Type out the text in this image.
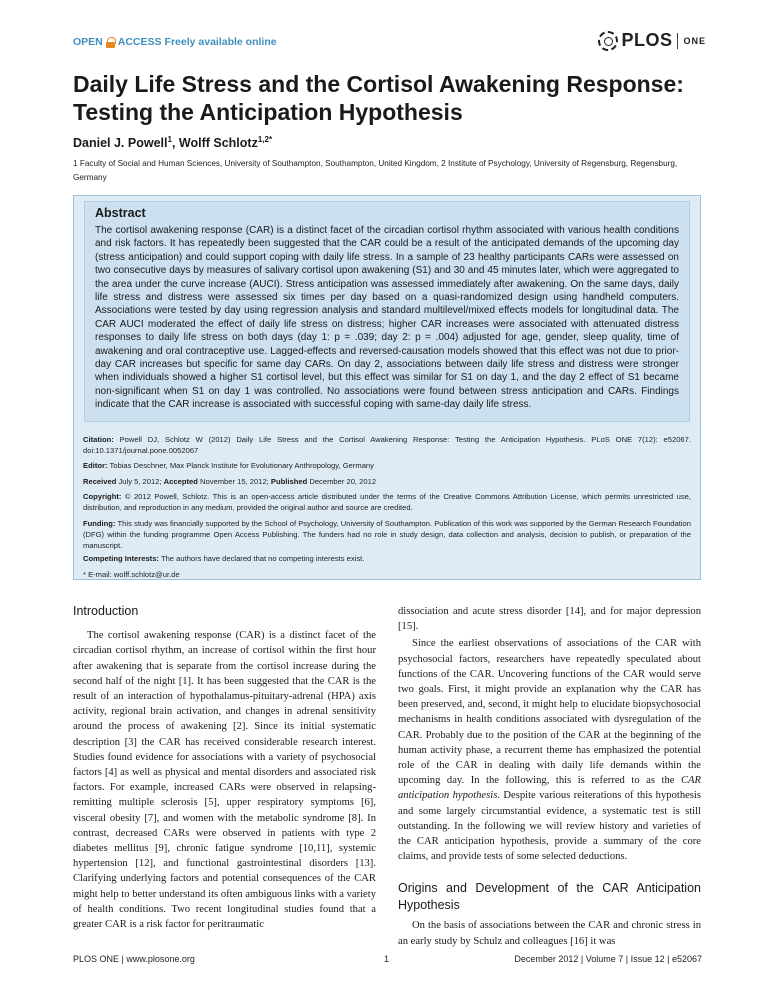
OPEN ACCESS Freely available online	PLOS ONE
Daily Life Stress and the Cortisol Awakening Response: Testing the Anticipation Hypothesis
Daniel J. Powell$^1$, Wolff Schlotz$^{1,2*}$
1 Faculty of Social and Human Sciences, University of Southampton, Southampton, United Kingdom, 2 Institute of Psychology, University of Regensburg, Regensburg, Germany
Abstract
The cortisol awakening response (CAR) is a distinct facet of the circadian cortisol rhythm associated with various health conditions and risk factors. It has repeatedly been suggested that the CAR could be a result of the anticipated demands of the upcoming day (stress anticipation) and could support coping with daily life stress. In a sample of 23 healthy participants CARs were assessed on two consecutive days by measures of salivary cortisol upon awakening (S1) and 30 and 45 minutes later, which were aggregated to the area under the curve increase (AUCI). Stress anticipation was assessed immediately after awakening. On the same days, daily life stress and distress were assessed six times per day based on a quasi-randomized design using handheld computers. Associations were tested by day using regression analysis and standard multilevel/mixed effects models for longitudinal data. The CAR AUCI moderated the effect of daily life stress on distress; higher CAR increases were associated with attenuated distress responses to daily life stress on both days (day 1: p = .039; day 2: p = .004) adjusted for age, gender, sleep quality, time of awakening and oral contraceptive use. Lagged-effects and reversed-causation models showed that this effect was not due to prior-day CAR increases but specific for same day CARs. On day 2, associations between daily life stress and distress were stronger when individuals showed a higher S1 cortisol level, but this effect was similar for S1 on day 1, and the day 2 effect of S1 became non-significant when S1 on day 1 was controlled. No associations were found between stress anticipation and CARs. Findings indicate that the CAR increase is associated with successful coping with same-day daily life stress.
Citation: Powell DJ, Schlotz W (2012) Daily Life Stress and the Cortisol Awakening Response: Testing the Anticipation Hypothesis. PLoS ONE 7(12): e52067. doi:10.1371/journal.pone.0052067
Editor: Tobias Deschner, Max Planck Institute for Evolutionary Anthropology, Germany
Received July 5, 2012; Accepted November 15, 2012; Published December 20, 2012
Copyright: © 2012 Powell, Schlotz. This is an open-access article distributed under the terms of the Creative Commons Attribution License, which permits unrestricted use, distribution, and reproduction in any medium, provided the original author and source are credited.
Funding: This study was financially supported by the School of Psychology, University of Southampton. Publication of this work was supported by the German Research Foundation (DFG) within the funding programme Open Access Publishing. The funders had no role in study design, data collection and analysis, decision to publish, or preparation of the manuscript.
Competing Interests: The authors have declared that no competing interests exist.
* E-mail: wolff.schlotz@ur.de
Introduction

The cortisol awakening response (CAR) is a distinct facet of the circadian cortisol rhythm, an increase of cortisol within the first hour after awakening that is separate from the cortisol increase during the second half of the night [1]. It has been suggested that the CAR is the result of an interaction of hypothalamus-pituitary-adrenal (HPA) axis activity, regional brain activation, and changes in adrenal sensitivity around the process of awakening [2]. Since its initial systematic description [3] the CAR has received considerable research interest. Studies found evidence for associations with a variety of psychosocial factors [4] as well as physical and mental disorders and associated risk factors. For example, increased CARs were observed in relapsing-remitting multiple sclerosis [5], upper respiratory symptoms [6], visceral obesity [7], and women with the metabolic syndrome [8]. In contrast, decreased CARs were observed in patients with type 2 diabetes mellitus [9], chronic fatigue syndrome [10,11], systemic hypertension [12], and functional gastrointestinal disorders [13]. Clarifying underlying factors and potential consequences of the CAR might help to better understand its often ambiguous links with a variety of health conditions. Two recent longitudinal studies found that a greater CAR is a risk factor for peritraumatic

dissociation and acute stress disorder [14], and for major depression [15].

Since the earliest observations of associations of the CAR with psychosocial factors, researchers have repeatedly speculated about functions of the CAR. Uncovering functions of the CAR would serve two goals. First, it might provide an explanation why the CAR has been preserved, and, second, it might help to elucidate biopsychosocial mechanisms in health conditions associated with dysregulation of the CAR. Probably due to the position of the CAR at the beginning of the human activity phase, a recurrent theme has emphasized the potential role of the CAR in dealing with daily life demands within the upcoming day. In the following, this is referred to as the CAR anticipation hypothesis. Despite various reiterations of this hypothesis and some largely circumstantial evidence, a systematic test is still outstanding. In the following we will review history and varieties of the CAR anticipation hypothesis, provide a summary of the core claims, and provide tests of some selected deductions.

Origins and Development of the CAR Anticipation Hypothesis

On the basis of associations between the CAR and chronic stress in an early study by Schulz and colleagues [16] it was

PLOS ONE | www.plosone.org	1	December 2012 | Volume 7 | Issue 12 | e52067
